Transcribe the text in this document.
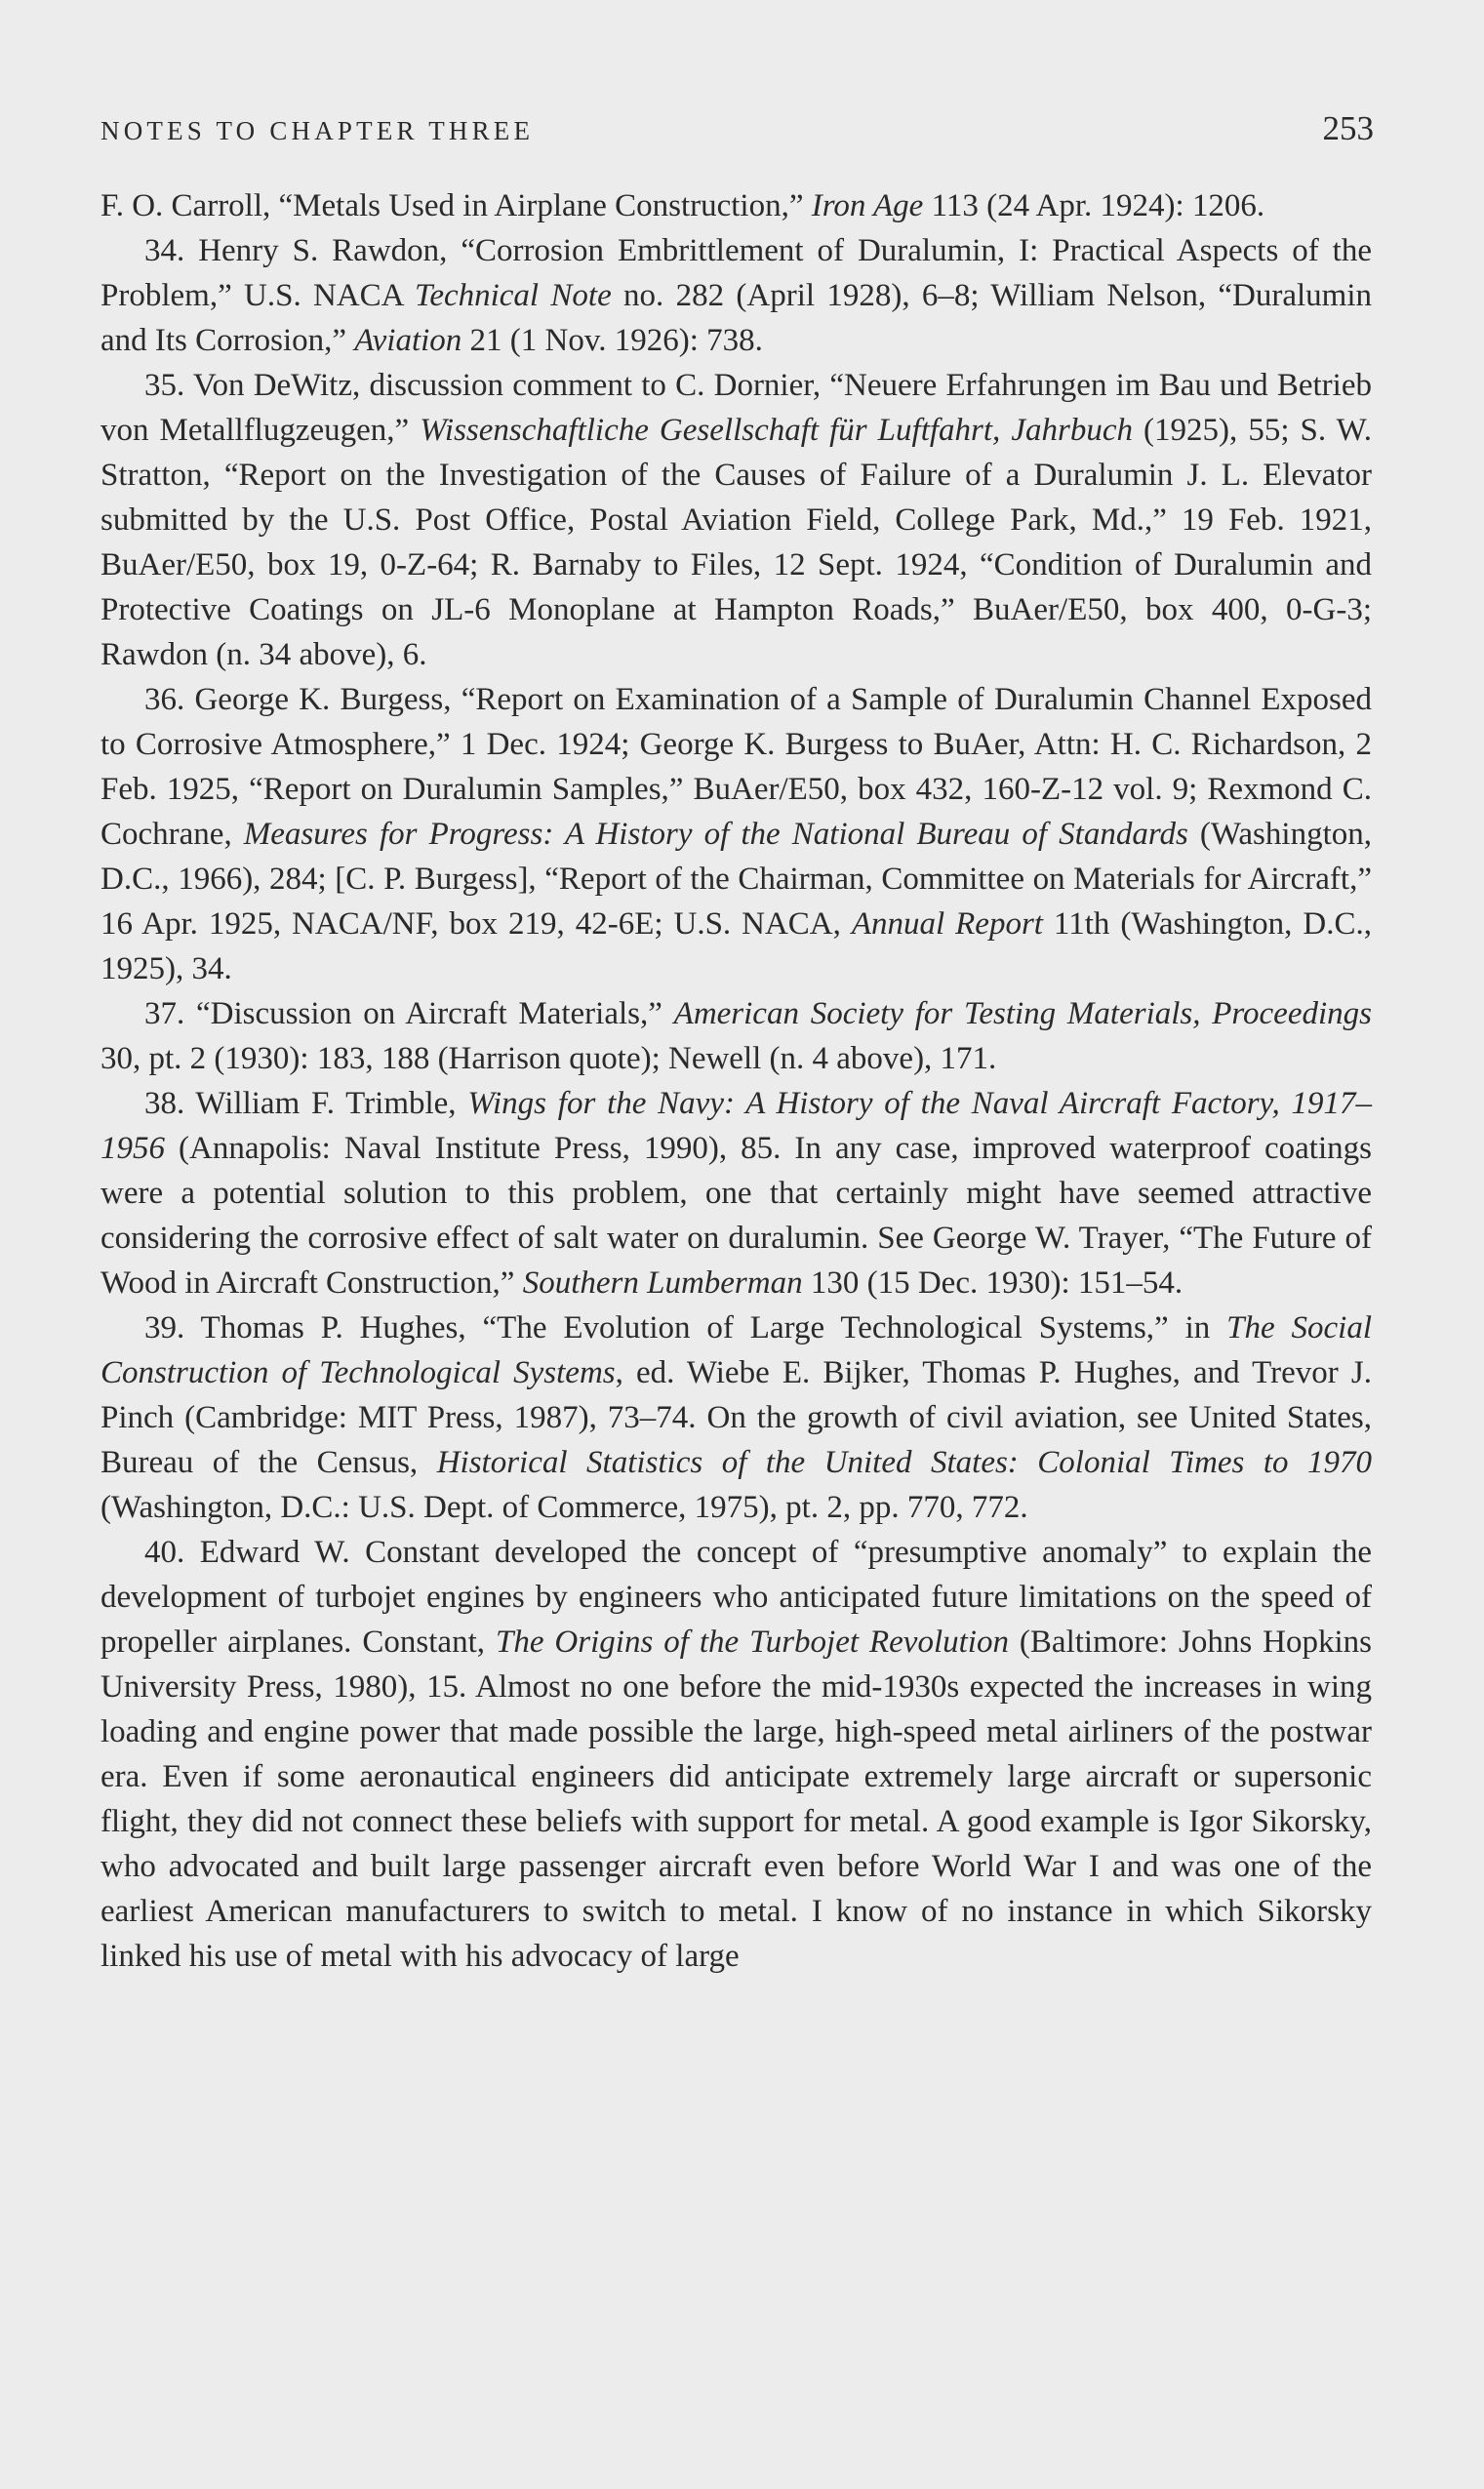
NOTES TO CHAPTER THREE	253

F. O. Carroll, “Metals Used in Airplane Construction,” Iron Age 113 (24 Apr. 1924): 1206.

34. Henry S. Rawdon, “Corrosion Embrittlement of Duralumin, I: Practical Aspects of the Problem,” U.S. NACA Technical Note no. 282 (April 1928), 6–8; William Nelson, “Duralumin and Its Corrosion,” Aviation 21 (1 Nov. 1926): 738.

35. Von DeWitz, discussion comment to C. Dornier, “Neuere Erfahrungen im Bau und Betrieb von Metallflugzeugen,” Wissenschaftliche Gesellschaft für Luftfahrt, Jahrbuch (1925), 55; S. W. Stratton, “Report on the Investigation of the Causes of Failure of a Duralumin J. L. Elevator submitted by the U.S. Post Office, Postal Aviation Field, College Park, Md.,” 19 Feb. 1921, BuAer/E50, box 19, 0-Z-64; R. Barnaby to Files, 12 Sept. 1924, “Condition of Duralumin and Protective Coatings on JL-6 Monoplane at Hampton Roads,” BuAer/E50, box 400, 0-G-3; Rawdon (n. 34 above), 6.

36. George K. Burgess, “Report on Examination of a Sample of Duralumin Channel Exposed to Corrosive Atmosphere,” 1 Dec. 1924; George K. Burgess to BuAer, Attn: H. C. Richardson, 2 Feb. 1925, “Report on Duralumin Samples,” BuAer/E50, box 432, 160-Z-12 vol. 9; Rexmond C. Cochrane, Measures for Progress: A History of the National Bureau of Standards (Washington, D.C., 1966), 284; [C. P. Burgess], “Report of the Chairman, Committee on Materials for Aircraft,” 16 Apr. 1925, NACA/NF, box 219, 42-6E; U.S. NACA, Annual Report 11th (Washington, D.C., 1925), 34.

37. “Discussion on Aircraft Materials,” American Society for Testing Materials, Proceedings 30, pt. 2 (1930): 183, 188 (Harrison quote); Newell (n. 4 above), 171.

38. William F. Trimble, Wings for the Navy: A History of the Naval Aircraft Factory, 1917–1956 (Annapolis: Naval Institute Press, 1990), 85. In any case, improved waterproof coatings were a potential solution to this problem, one that certainly might have seemed attractive considering the corrosive effect of salt water on duralumin. See George W. Trayer, “The Future of Wood in Aircraft Construction,” Southern Lumberman 130 (15 Dec. 1930): 151–54.

39. Thomas P. Hughes, “The Evolution of Large Technological Systems,” in The Social Construction of Technological Systems, ed. Wiebe E. Bijker, Thomas P. Hughes, and Trevor J. Pinch (Cambridge: MIT Press, 1987), 73–74. On the growth of civil aviation, see United States, Bureau of the Census, Historical Statistics of the United States: Colonial Times to 1970 (Washington, D.C.: U.S. Dept. of Commerce, 1975), pt. 2, pp. 770, 772.

40. Edward W. Constant developed the concept of “presumptive anomaly” to explain the development of turbojet engines by engineers who anticipated future limitations on the speed of propeller airplanes. Constant, The Origins of the Turbojet Revolution (Baltimore: Johns Hopkins University Press, 1980), 15. Almost no one before the mid-1930s expected the increases in wing loading and engine power that made possible the large, high-speed metal airliners of the postwar era. Even if some aeronautical engineers did anticipate extremely large aircraft or supersonic flight, they did not connect these beliefs with support for metal. A good example is Igor Sikorsky, who advocated and built large passenger aircraft even before World War I and was one of the earliest American manufacturers to switch to metal. I know of no instance in which Sikorsky linked his use of metal with his advocacy of large
